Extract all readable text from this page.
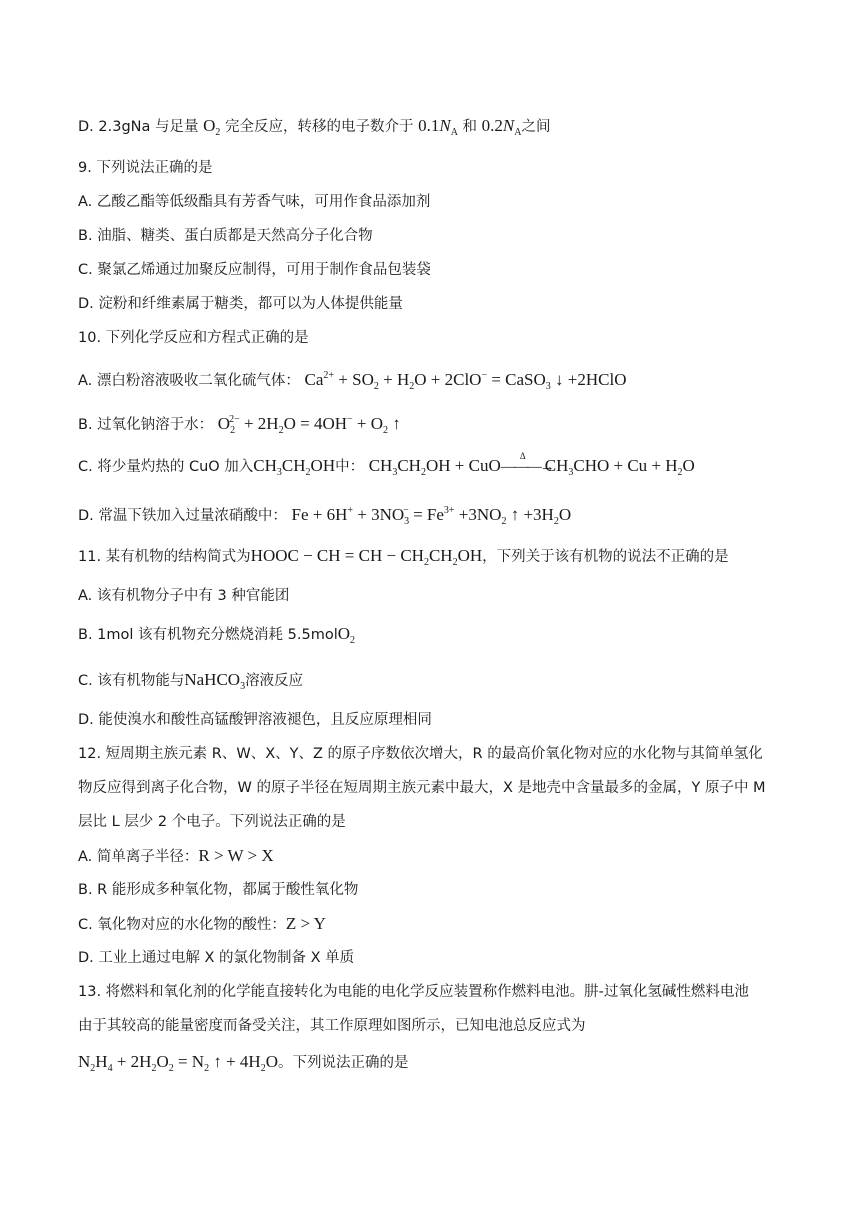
D. 2.3gNa 与足量 $O_2$ 完全反应，转移的电子数介于 $0.1N_A$ 和 $0.2N_A$之间
9. 下列说法正确的是
A. 乙酸乙酯等低级酯具有芳香气味，可用作食品添加剂
B. 油脂、糖类、蛋白质都是天然高分子化合物
C. 聚氯乙烯通过加聚反应制得，可用于制作食品包装袋
D. 淀粉和纤维素属于糖类，都可以为人体提供能量
10. 下列化学反应和方程式正确的是
A. 漂白粉溶液吸收二氧化硫气体： $Ca^{2+} + SO_2 + H_2O + 2ClO^-$ = CaSO$_3$ ↓ +2HClO
B. 过氧化钠溶于水： $O_2^{2-} + 2H_2O = 4OH^- + O_2$ ↑
C. 将少量灼热的 CuO 加入$CH_3CH_2OH$中： $CH_3CH_2OH$ + CuO	Δ
$———\to CH_3CHO + Cu + H_2O$
D. 常温下铁加入过量浓硝酸中： $Fe + 6H^+ + 3NO_3^- = Fe^{3+} +3NO_2$ ↑ $+3H_2O$
11. 某有机物的结构简式为HOOC − CH = CH − $CH_2CH_2OH$，下列关于该有机物的说法不正确的是
A. 该有机物分子中有 3 种官能团
B. 1mol 该有机物充分燃烧消耗 5.5molO$_2$
C. 该有机物能与NaHCO$_3$溶液反应
D. 能使溴水和酸性高锰酸钾溶液褪色，且反应原理相同
12. 短周期主族元素 R、W、X、Y、Z 的原子序数依次增大，R 的最高价氧化物对应的水化物与其简单氢化
物反应得到离子化合物，W 的原子半径在短周期主族元素中最大，X 是地壳中含量最多的金属，Y 原子中 M
层比 L 层少 2 个电子。下列说法正确的是
A. 简单离子半径：R > W > X
B. R 能形成多种氧化物，都属于酸性氧化物
C. 氧化物对应的水化物的酸性：Z > Y
D. 工业上通过电解 X 的氯化物制备 X 单质
13. 将燃料和氧化剂的化学能直接转化为电能的电化学反应装置称作燃料电池。肼-过氧化氢碱性燃料电池
由于其较高的能量密度而备受关注，其工作原理如图所示，已知电池总反应式为
$N_2H_4 + 2H_2O_2 = N_2$ ↑ + $4H_2O$。下列说法正确的是
